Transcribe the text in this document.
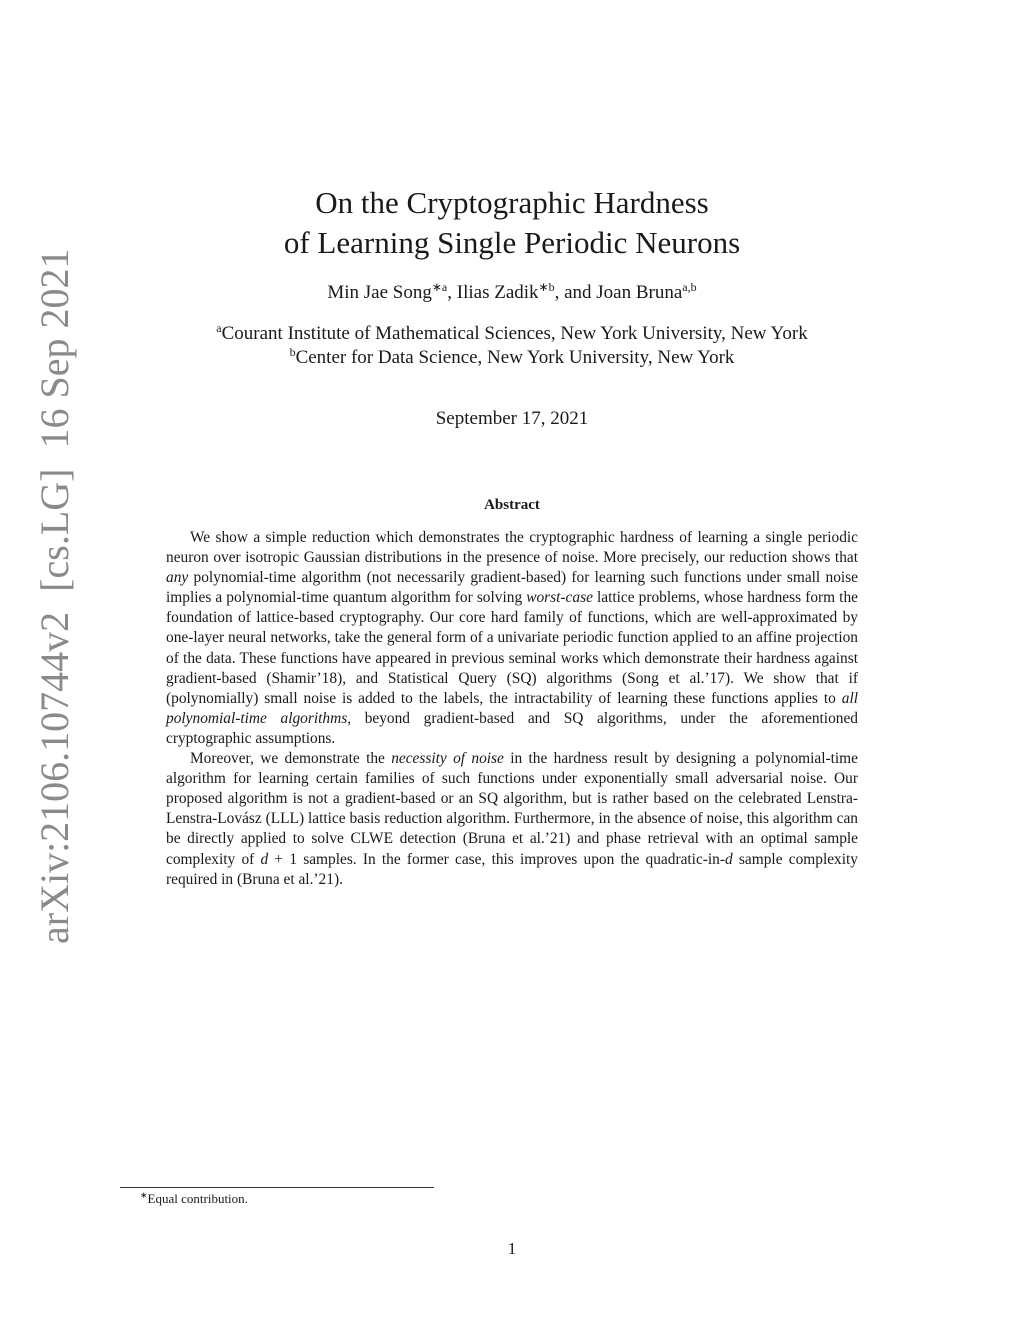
arXiv:2106.10744v2  [cs.LG]  16 Sep 2021
On the Cryptographic Hardness
of Learning Single Periodic Neurons
Min Jae Song$^{∗a}$, Ilias Zadik$^{∗b}$, and Joan Bruna$^{a,b}$
$^a$Courant Institute of Mathematical Sciences, New York University, New York
$^b$Center for Data Science, New York University, New York
September 17, 2021
Abstract

We show a simple reduction which demonstrates the cryptographic hardness of learning a single periodic neuron over isotropic Gaussian distributions in the presence of noise. More precisely, our reduction shows that any polynomial-time algorithm (not necessarily gradient-based) for learning such functions under small noise implies a polynomial-time quantum algorithm for solving worst-case lattice problems, whose hardness form the foundation of lattice-based cryptography. Our core hard family of functions, which are well-approximated by one-layer neural networks, take the general form of a univariate periodic function applied to an affine projection of the data. These functions have appeared in previous seminal works which demonstrate their hardness against gradient-based (Shamir’18), and Statistical Query (SQ) algorithms (Song et al.’17). We show that if (polynomially) small noise is added to the labels, the intractability of learning these functions applies to all polynomial-time algorithms, beyond gradient-based and SQ algorithms, under the aforementioned cryptographic assumptions.

Moreover, we demonstrate the necessity of noise in the hardness result by designing a polynomial-time algorithm for learning certain families of such functions under exponentially small adversarial noise. Our proposed algorithm is not a gradient-based or an SQ algorithm, but is rather based on the celebrated Lenstra-Lenstra-Lovász (LLL) lattice basis reduction algorithm. Furthermore, in the absence of noise, this algorithm can be directly applied to solve CLWE detection (Bruna et al.’21) and phase retrieval with an optimal sample complexity of d + 1 samples. In the former case, this improves upon the quadratic-in-d sample complexity required in (Bruna et al.’21).

∗Equal contribution.
1
